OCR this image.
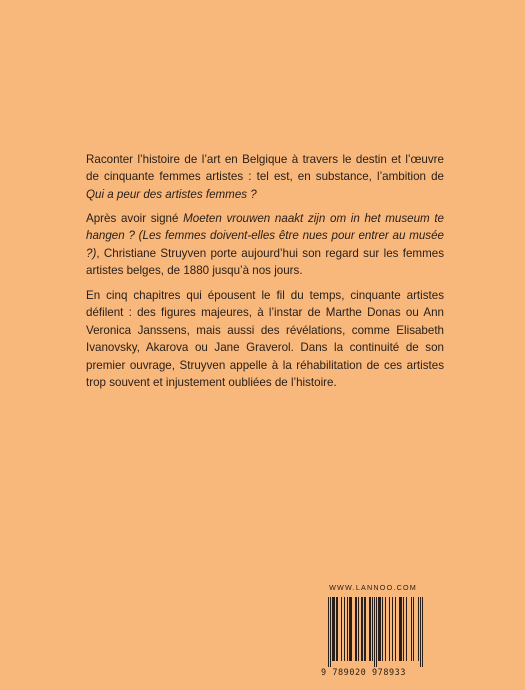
Raconter l’histoire de l’art en Belgique à travers le destin et l’œuvre de cinquante femmes artistes : tel est, en substance, l’ambition de Qui a peur des artistes femmes ?
Après avoir signé Moeten vrouwen naakt zijn om in het museum te hangen ? (Les femmes doivent-elles être nues pour entrer au musée ?), Christiane Struyven porte aujourd’hui son regard sur les femmes artistes belges, de 1880 jusqu’à nos jours.
En cinq chapitres qui épousent le fil du temps, cinquante artistes défilent : des figures majeures, à l’instar de Marthe Donas ou Ann Veronica Janssens, mais aussi des révélations, comme Elisabeth Ivanovsky, Akarova ou Jane Graverol. Dans la continuité de son premier ouvrage, Struyven appelle à la réhabilitation de ces artistes trop souvent et injustement oubliées de l’histoire.
WWW.LANNOO.COM
9 789020 978933
